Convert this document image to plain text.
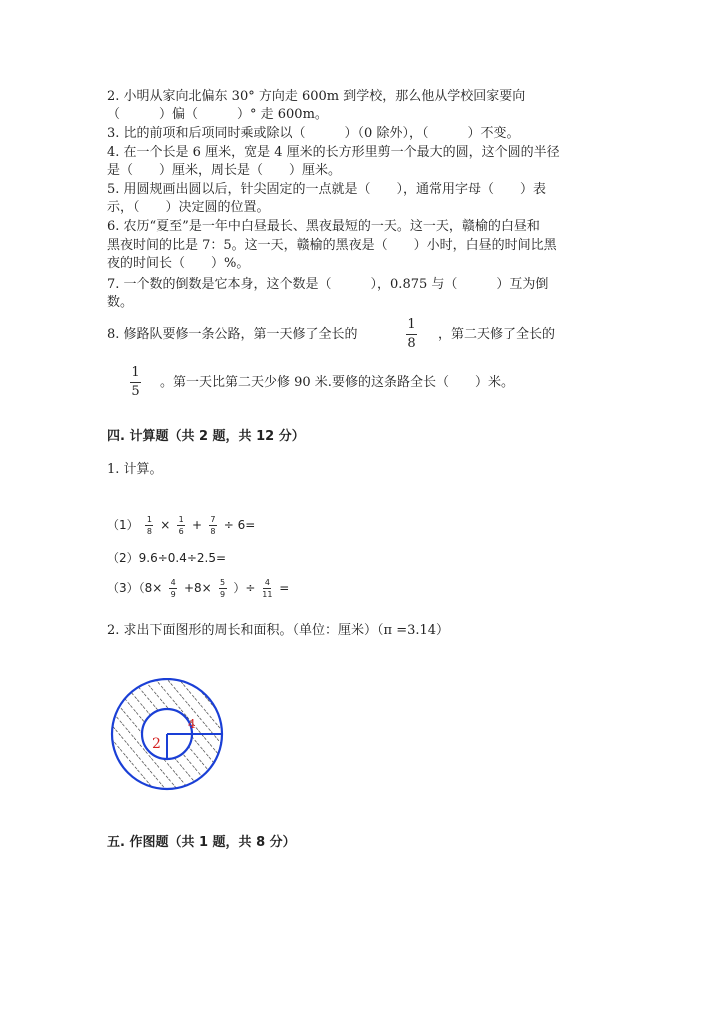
2. 小明从家向北偏东 30° 方向走 600m 到学校，那么他从学校回家要向
（　　　）偏（　　　）° 走 600m。
3. 比的前项和后项同时乘或除以（　　　）（0 除外），（　　　）不变。
4. 在一个长是 6 厘米，宽是 4 厘米的长方形里剪一个最大的圆，这个圆的半径
是（　　）厘米，周长是（　　）厘米。
5. 用圆规画出圆以后，针尖固定的一点就是（　　），通常用字母（　　）表
示，（　　）决定圆的位置。
6. 农历“夏至”是一年中白昼最长、黑夜最短的一天。这一天，赣榆的白昼和
黑夜时间的比是 7：5。这一天，赣榆的黑夜是（　　）小时，白昼的时间比黑
夜的时间长（　　）%。
7. 一个数的倒数是它本身，这个数是（　　　），0.875 与（　　　）互为倒
数。
8. 修路队要修一条公路，第一天修了全长的
1
8
，第二天修了全长的
1
5
。第一天比第二天少修 90 米.要修的这条路全长（　　）米。
四. 计算题（共 2 题，共 12 分）
1. 计算。
$(1) \frac{1}{8} \times \frac{1}{6} + \frac{7}{8} \div 6=$
（2）9.6÷0.4÷2.5=
$(3)(8\times \frac{4}{9} +8\times \frac{5}{9}$ ）÷ $\frac{4}{11}$ =
2. 求出下面图形的周长和面积。（单位：厘米）（π =3.14）
2
4
五. 作图题（共 1 题，共 8 分）
